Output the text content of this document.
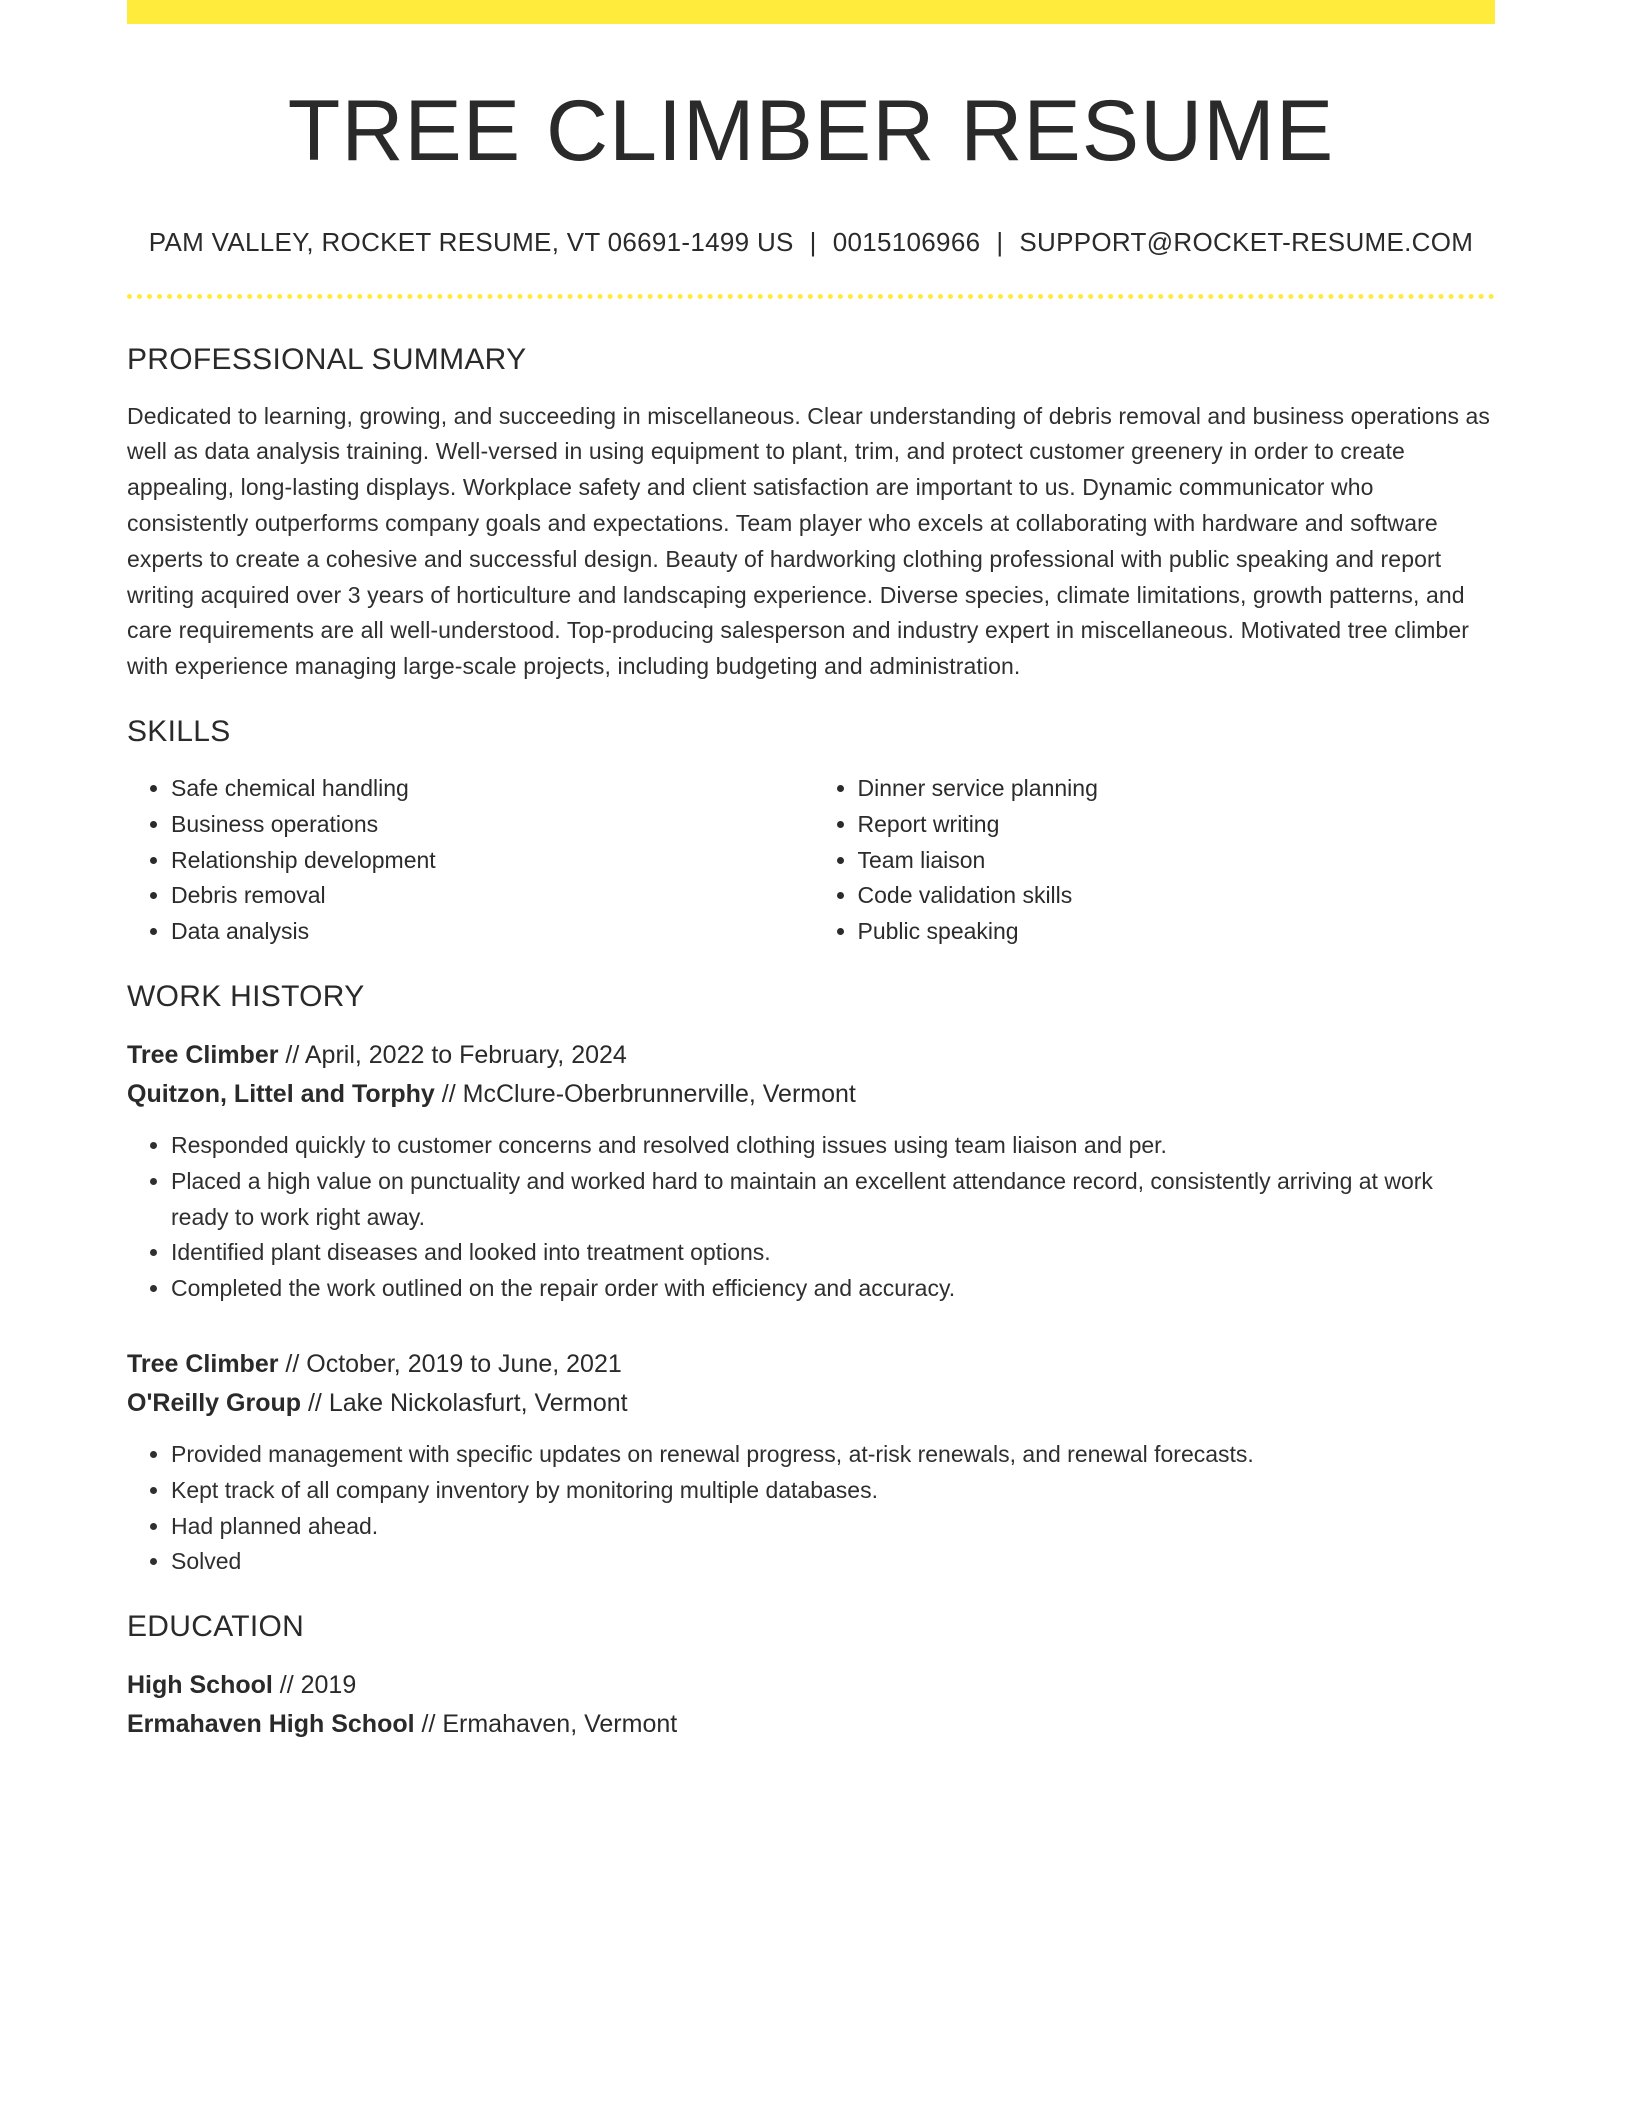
TREE CLIMBER RESUME
PAM VALLEY, ROCKET RESUME, VT 06691-1499 US | 0015106966 | SUPPORT@ROCKET-RESUME.COM
PROFESSIONAL SUMMARY
Dedicated to learning, growing, and succeeding in miscellaneous. Clear understanding of debris removal and business operations as well as data analysis training. Well-versed in using equipment to plant, trim, and protect customer greenery in order to create appealing, long-lasting displays. Workplace safety and client satisfaction are important to us. Dynamic communicator who consistently outperforms company goals and expectations. Team player who excels at collaborating with hardware and software experts to create a cohesive and successful design. Beauty of hardworking clothing professional with public speaking and report writing acquired over 3 years of horticulture and landscaping experience. Diverse species, climate limitations, growth patterns, and care requirements are all well-understood. Top-producing salesperson and industry expert in miscellaneous. Motivated tree climber with experience managing large-scale projects, including budgeting and administration.
SKILLS
• Safe chemical handling
• Business operations
• Relationship development
• Debris removal
• Data analysis
• Dinner service planning
• Report writing
• Team liaison
• Code validation skills
• Public speaking
WORK HISTORY
Tree Climber // April, 2022 to February, 2024
Quitzon, Littel and Torphy // McClure-Oberbrunnerville, Vermont
• Responded quickly to customer concerns and resolved clothing issues using team liaison and per.
• Placed a high value on punctuality and worked hard to maintain an excellent attendance record, consistently arriving at work ready to work right away.
• Identified plant diseases and looked into treatment options.
• Completed the work outlined on the repair order with efficiency and accuracy.
Tree Climber // October, 2019 to June, 2021
O'Reilly Group // Lake Nickolasfurt, Vermont
• Provided management with specific updates on renewal progress, at-risk renewals, and renewal forecasts.
• Kept track of all company inventory by monitoring multiple databases.
• Had planned ahead.
• Solved
EDUCATION
High School // 2019
Ermahaven High School // Ermahaven, Vermont
